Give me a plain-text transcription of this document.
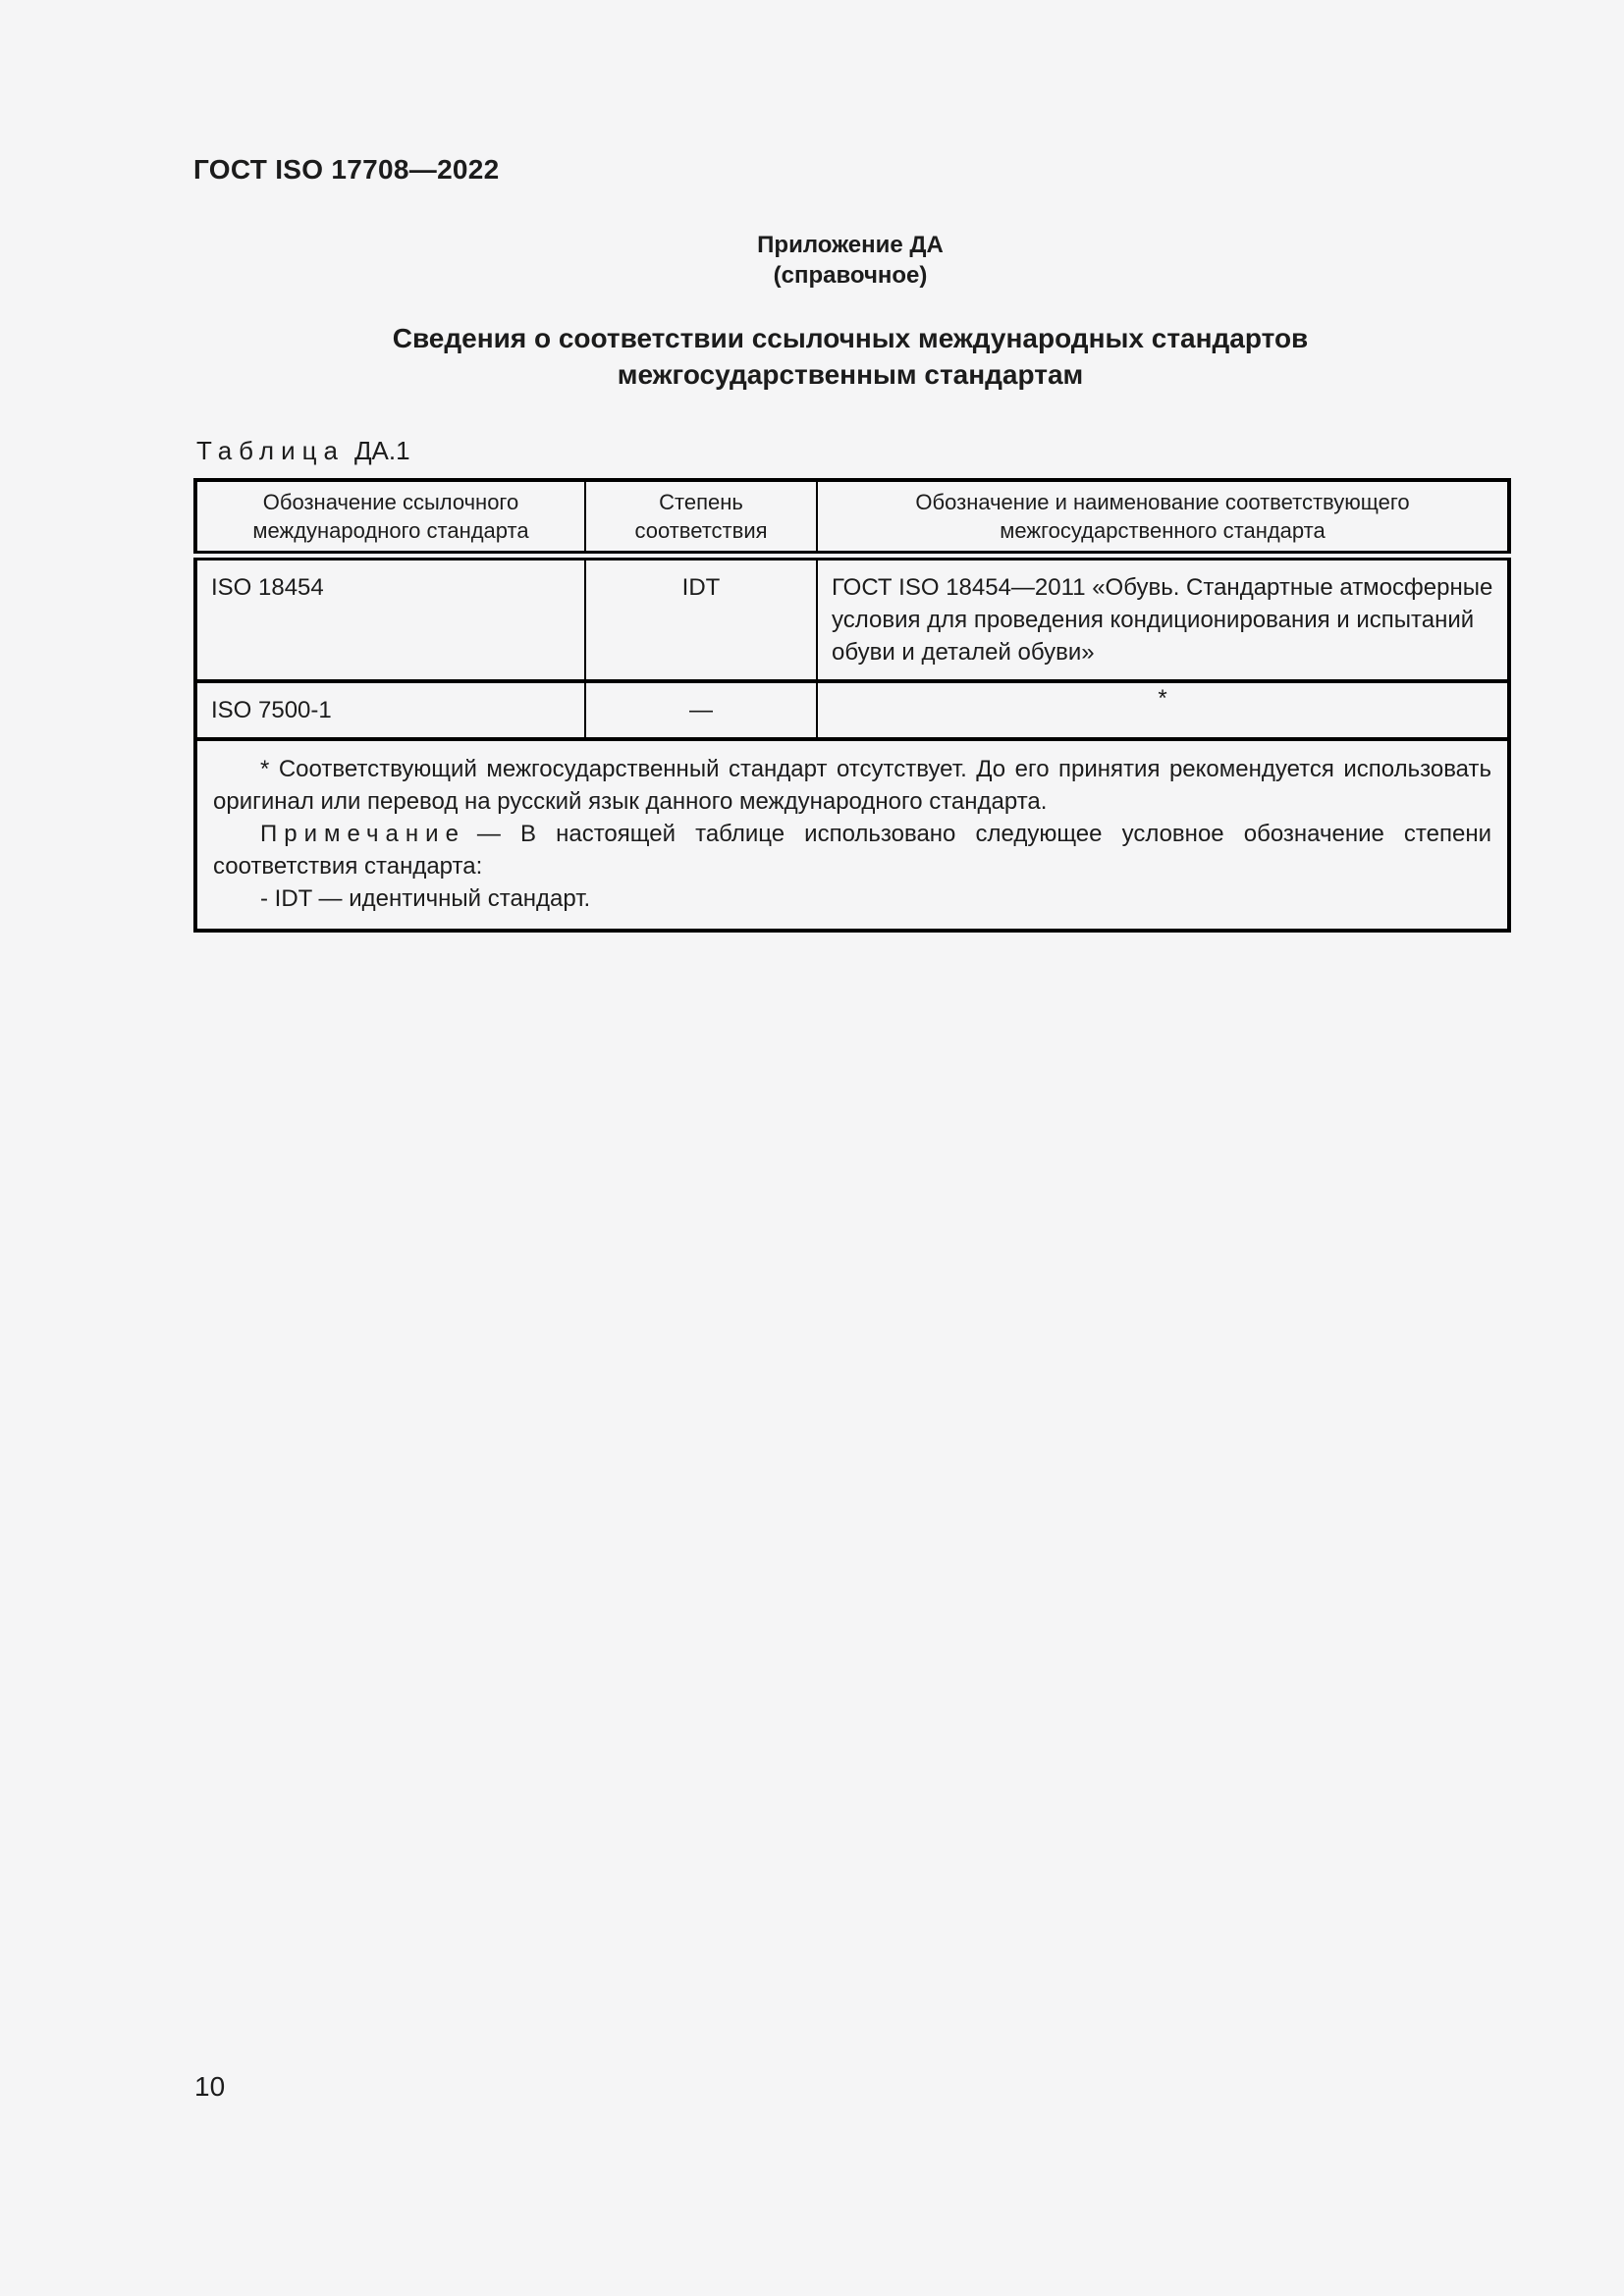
ГОСТ ISO 17708—2022
Приложение ДА
(справочное)
Сведения о соответствии ссылочных международных стандартов
межгосударственным стандартам
Таблица ДА.1
Обозначение ссылочного международного стандарта	Степень соответствия	Обозначение и наименование соответствующего межгосударственного стандарта
ISO 18454	IDT	ГОСТ ISO 18454—2011 «Обувь. Стандартные атмосферные условия для проведения кондиционирования и испытаний обуви и деталей обуви»
ISO 7500-1	—	*

* Соответствующий межгосударственный стандарт отсутствует. До его принятия рекомендуется использовать оригинал или перевод на русский язык данного международного стандарта.

Примечание — В настоящей таблице использовано следующее условное обозначение степени соответствия стандарта:

- IDT — идентичный стандарт.		

10
